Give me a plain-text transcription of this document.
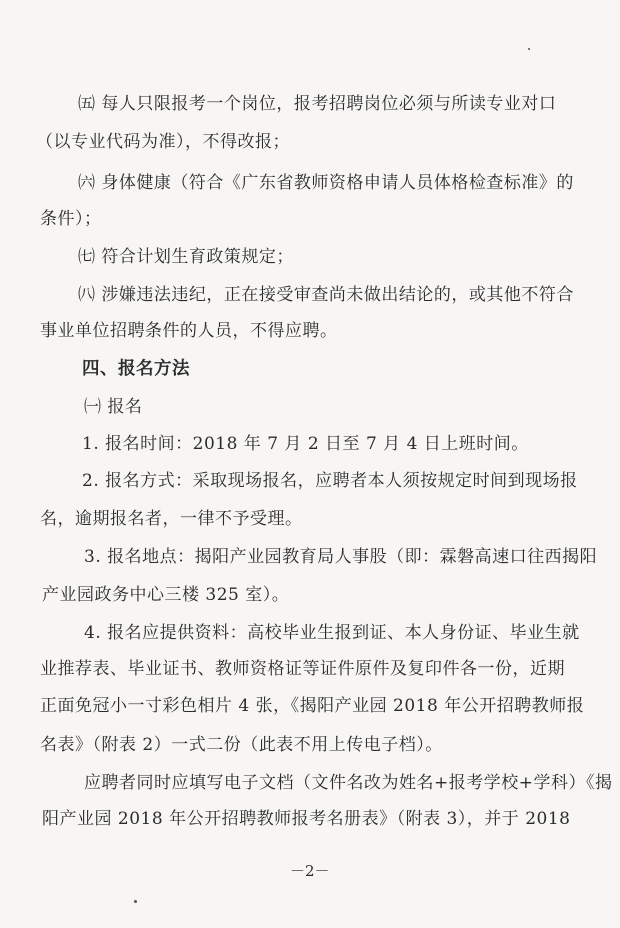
㈤ 每人只限报考一个岗位，报考招聘岗位必须与所读专业对口
（以专业代码为准），不得改报；
㈥ 身体健康（符合《广东省教师资格申请人员体格检查标准》的
条件）；
㈦ 符合计划生育政策规定；
㈧ 涉嫌违法违纪，正在接受审查尚未做出结论的，或其他不符合
事业单位招聘条件的人员，不得应聘。
四、报名方法
㈠ 报名
1. 报名时间：2018 年 7 月 2 日至 7 月 4 日上班时间。
2. 报名方式：采取现场报名，应聘者本人须按规定时间到现场报
名，逾期报名者，一律不予受理。
3. 报名地点：揭阳产业园教育局人事股（即：霖磐高速口往西揭阳
产业园政务中心三楼 325 室）。
4. 报名应提供资料：高校毕业生报到证、本人身份证、毕业生就
业推荐表、毕业证书、教师资格证等证件原件及复印件各一份，近期
正面免冠小一寸彩色相片 4 张，《揭阳产业园 2018 年公开招聘教师报
名表》（附表 2）一式二份（此表不用上传电子档）。
应聘者同时应填写电子文档（文件名改为姓名+报考学校+学科）《揭
阳产业园 2018 年公开招聘教师报考名册表》（附表 3），并于 2018
－2－
